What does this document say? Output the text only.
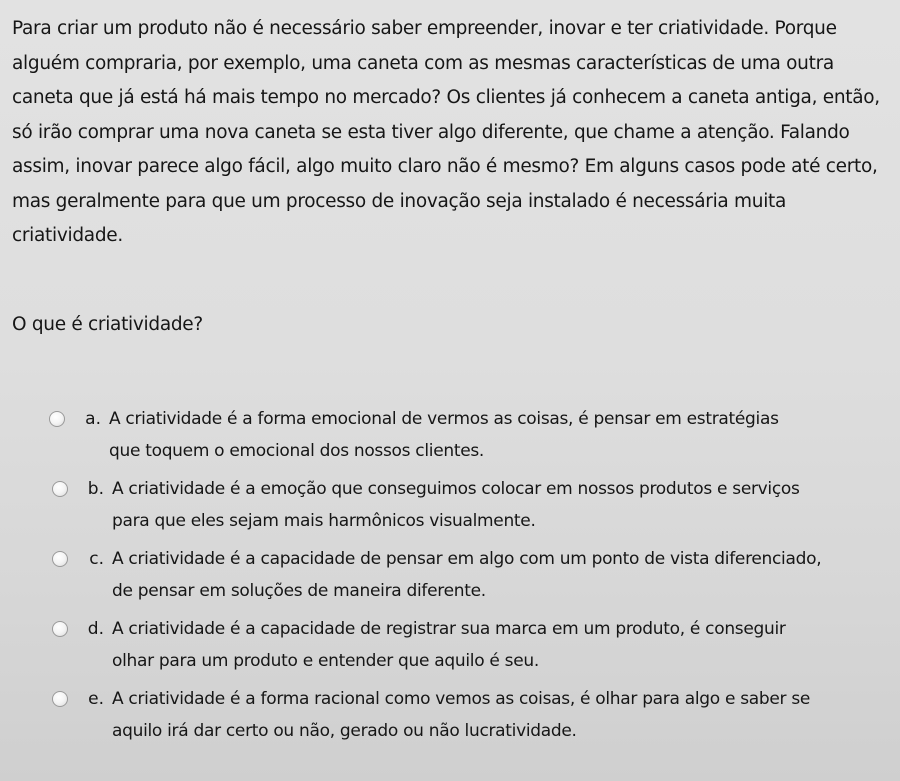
Para criar um produto não é necessário saber empreender, inovar e ter criatividade. Porque alguém compraria, por exemplo, uma caneta com as mesmas características de uma outra caneta que já está há mais tempo no mercado? Os clientes já conhecem a caneta antiga, então, só irão comprar uma nova caneta se esta tiver algo diferente, que chame a atenção. Falando assim, inovar parece algo fácil, algo muito claro não é mesmo? Em alguns casos pode até certo, mas geralmente para que um processo de inovação seja instalado é necessária muita criatividade.

O que é criatividade?

a. A criatividade é a forma emocional de vermos as coisas, é pensar em estratégias que toquem o emocional dos nossos clientes.
b. A criatividade é a emoção que conseguimos colocar em nossos produtos e serviços para que eles sejam mais harmônicos visualmente.
c. A criatividade é a capacidade de pensar em algo com um ponto de vista diferenciado, de pensar em soluções de maneira diferente.
d. A criatividade é a capacidade de registrar sua marca em um produto, é conseguir olhar para um produto e entender que aquilo é seu.
e. A criatividade é a forma racional como vemos as coisas, é olhar para algo e saber se aquilo irá dar certo ou não, gerado ou não lucratividade.
